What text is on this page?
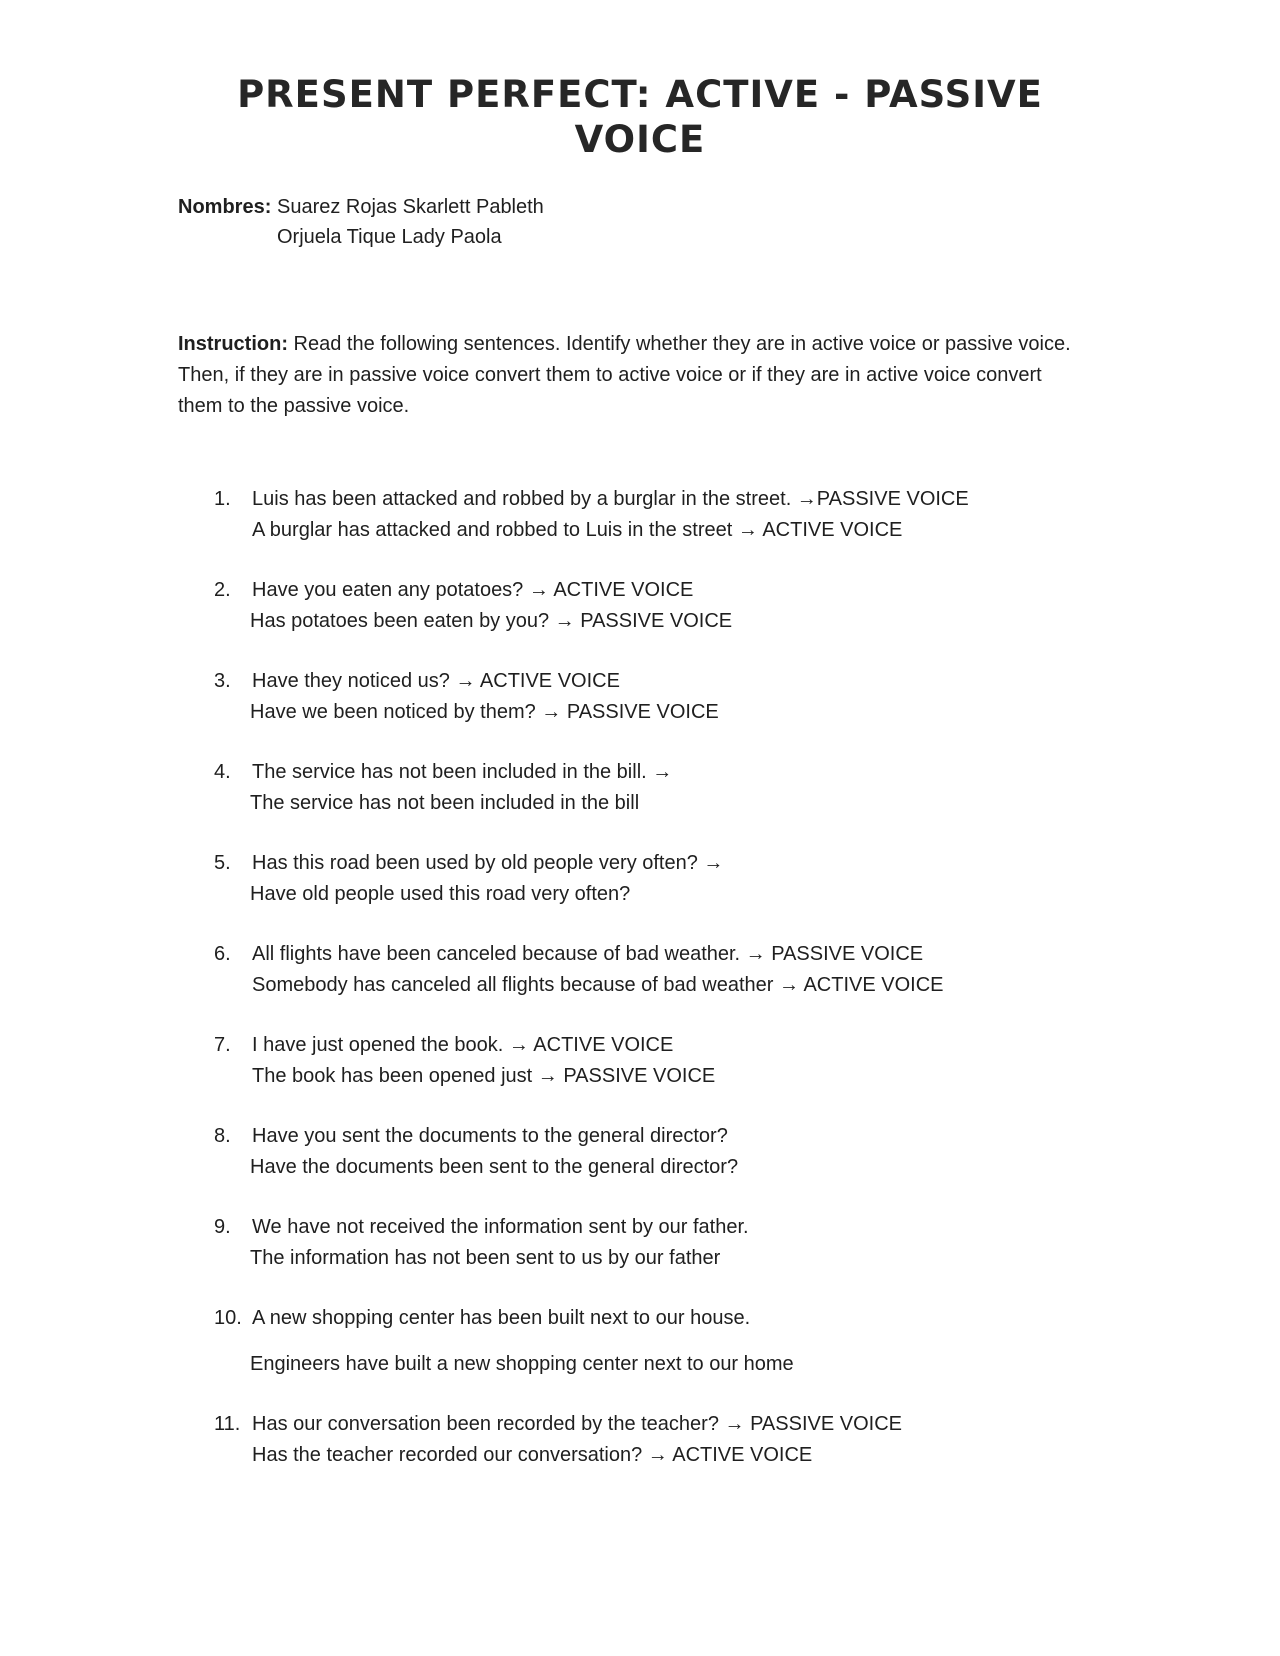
PRESENT PERFECT: ACTIVE - PASSIVE
VOICE
Nombres: Suarez Rojas Skarlett Pableth
Orjuela Tique Lady Paola

Instruction: Read the following sentences. Identify whether they are in active voice or passive voice. Then, if they are in passive voice convert them to active voice or if they are in active voice convert them to the passive voice.

1.	Luis has been attacked and robbed by a burglar in the street. →PASSIVE VOICE
A burglar has attacked and robbed to Luis in the street → ACTIVE VOICE
2.	Have you eaten any potatoes? → ACTIVE VOICE
Has potatoes been eaten by you? → PASSIVE VOICE
3.	Have they noticed us? → ACTIVE VOICE
Have we been noticed by them? → PASSIVE VOICE
4.	The service has not been included in the bill. →
The service has not been included in the bill
5.	Has this road been used by old people very often? →
Have old people used this road very often?
6.	All flights have been canceled because of bad weather. → PASSIVE VOICE
Somebody has canceled all flights because of bad weather → ACTIVE VOICE
7.	I have just opened the book. → ACTIVE VOICE
The book has been opened just → PASSIVE VOICE
8.	Have you sent the documents to the general director?
Have the documents been sent to the general director?
9.	We have not received the information sent by our father.
The information has not been sent to us by our father
10. A new shopping center has been built next to our house.
Engineers have built a new shopping center next to our home
11. Has our conversation been recorded by the teacher? → PASSIVE VOICE
Has the teacher recorded our conversation? → ACTIVE VOICE
